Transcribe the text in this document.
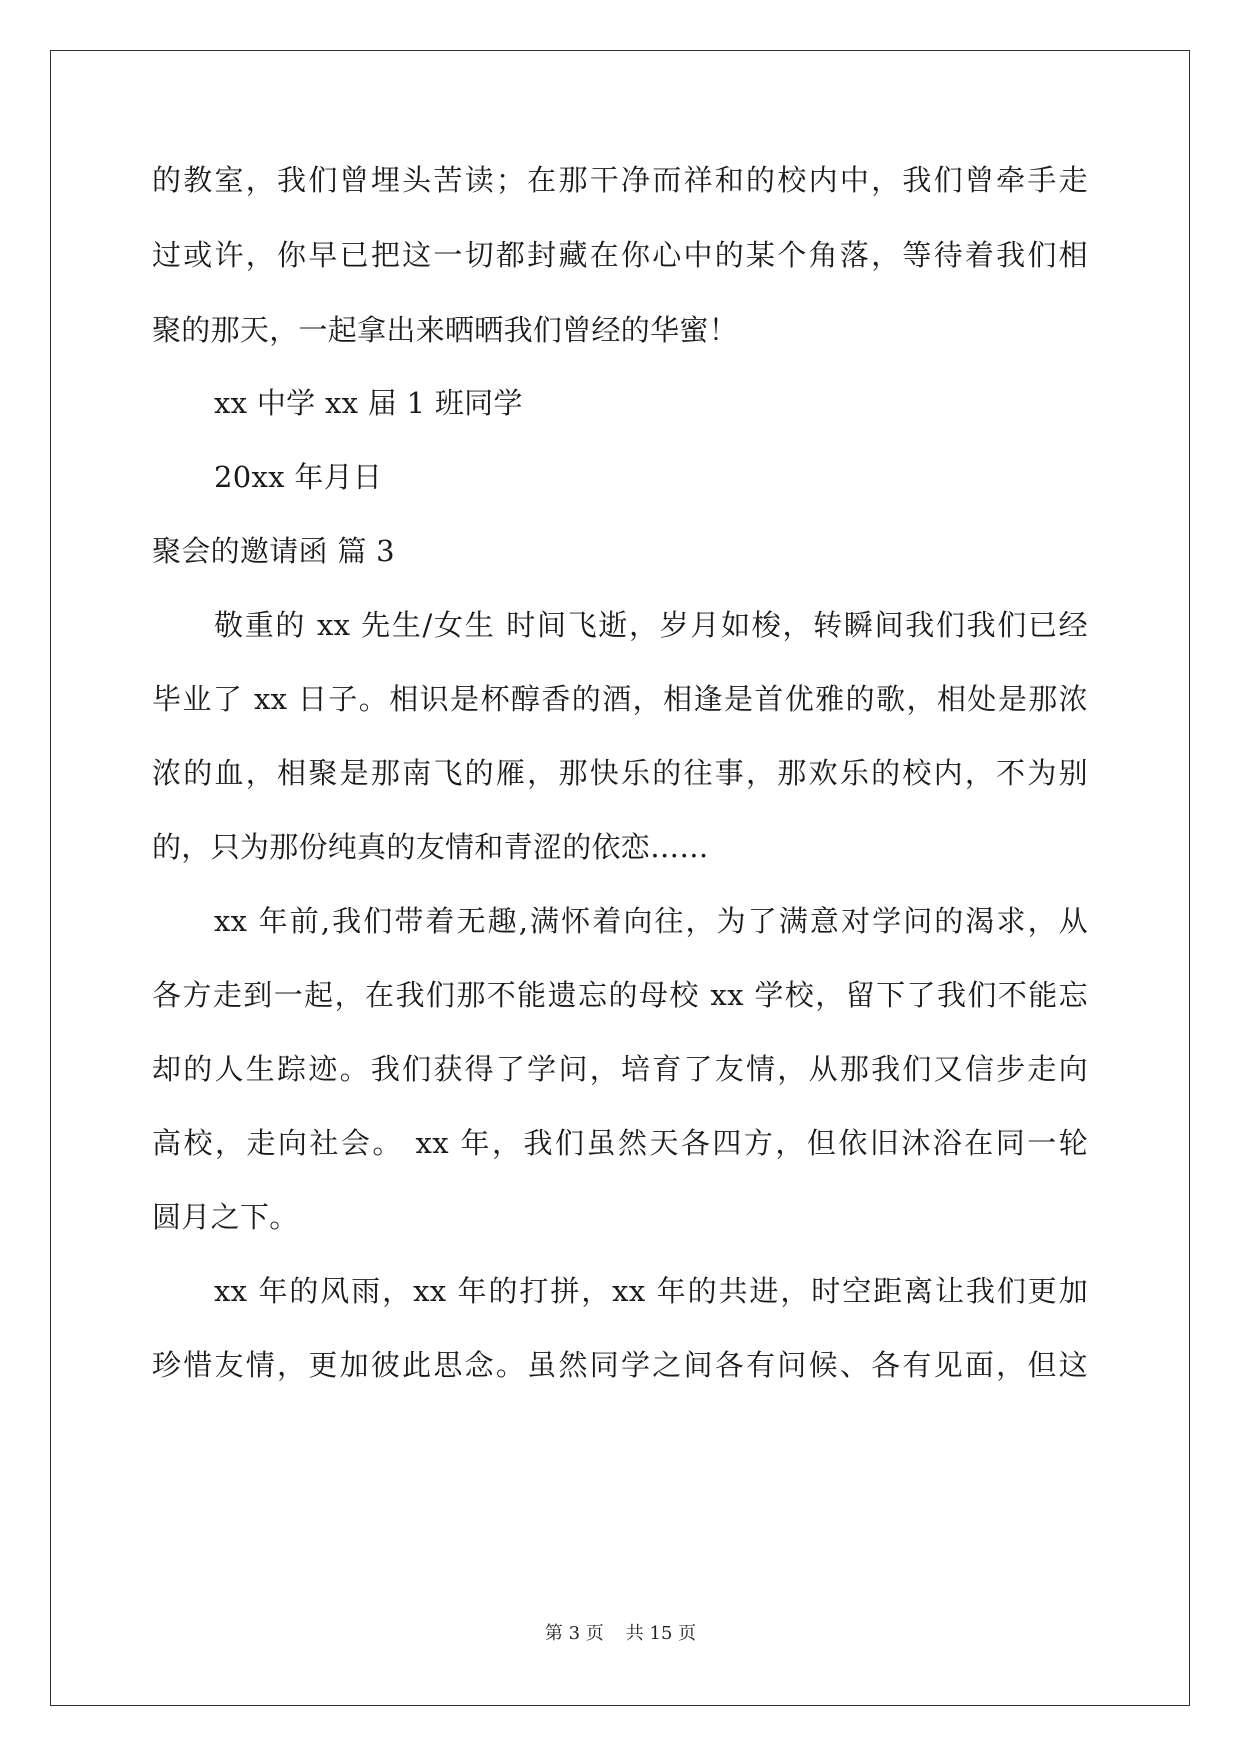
的教室，我们曾埋头苦读；在那干净而祥和的校内中，我们曾牵手走
过或许，你早已把这一切都封藏在你心中的某个角落，等待着我们相
聚的那天，一起拿出来晒晒我们曾经的华蜜！
xx 中学 xx 届 1 班同学
20xx 年月日
聚会的邀请函 篇 3
敬重的 xx 先生/女生 时间飞逝，岁月如梭，转瞬间我们我们已经
毕业了 xx 日子。相识是杯醇香的酒，相逢是首优雅的歌，相处是那浓
浓的血，相聚是那南飞的雁，那快乐的往事，那欢乐的校内，不为别
的，只为那份纯真的友情和青涩的依恋……
xx 年前,我们带着无趣,满怀着向往，为了满意对学问的渴求，从
各方走到一起，在我们那不能遗忘的母校 xx 学校，留下了我们不能忘
却的人生踪迹。我们获得了学问，培育了友情，从那我们又信步走向
高校，走向社会。 xx 年，我们虽然天各四方，但依旧沐浴在同一轮
圆月之下。
xx 年的风雨，xx 年的打拼，xx 年的共进，时空距离让我们更加
珍惜友情，更加彼此思念。虽然同学之间各有问候、各有见面，但这
第 3 页 共 15 页
